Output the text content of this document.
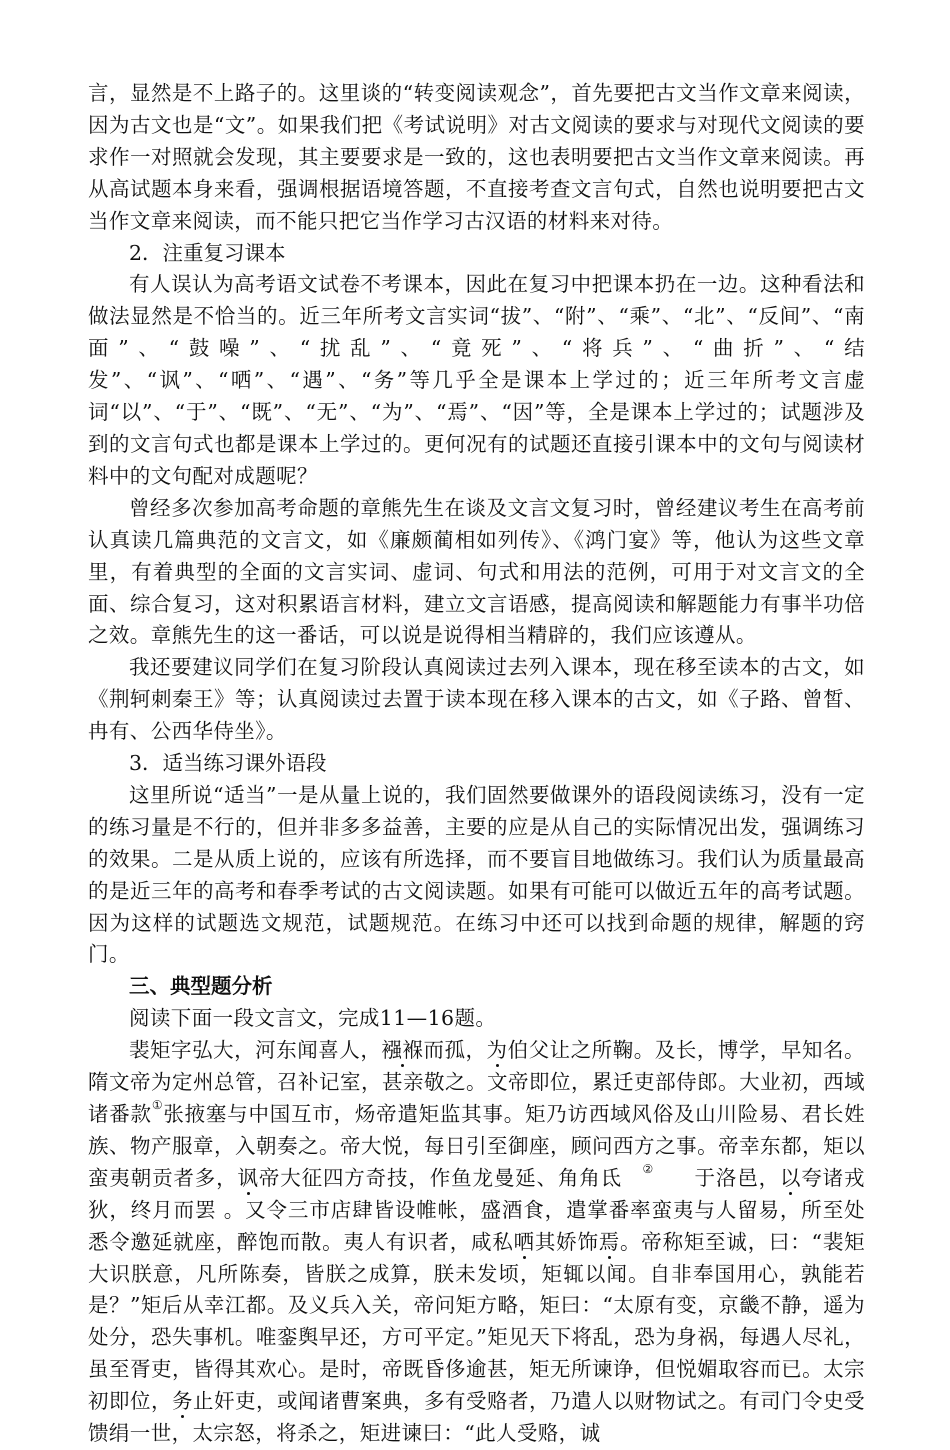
言，显然是不上路子的。这里谈的“转变阅读观念”，首先要把古文当作文章来阅读，因为古文也是“文”。如果我们把《考试说明》对古文阅读的要求与对现代文阅读的要求作一对照就会发现，其主要要求是一致的，这也表明要把古文当作文章来阅读。再从高试题本身来看，强调根据语境答题，不直接考查文言句式，自然也说明要把古文当作文章来阅读，而不能只把它当作学习古汉语的材料来对待。

2．注重复习课本

有人误认为高考语文试卷不考课本，因此在复习中把课本扔在一边。这种看法和做法显然是不恰当的。近三年所考文言实词“拔”、“附”、“乘”、“北”、“反间”、“南面”、“鼓噪”、“扰乱”、“竟死”、“将兵”、“曲折”、“结发”、“讽”、“哂”、“遇”、“务”等几乎全是课本上学过的；近三年所考文言虚词“以”、“于”、“既”、“无”、“为”、“焉”、“因”等，全是课本上学过的；试题涉及到的文言句式也都是课本上学过的。更何况有的试题还直接引课本中的文句与阅读材料中的文句配对成题呢？

曾经多次参加高考命题的章熊先生在谈及文言文复习时，曾经建议考生在高考前认真读几篇典范的文言文，如《廉颇蔺相如列传》、《鸿门宴》等，他认为这些文章里，有着典型的全面的文言实词、虚词、句式和用法的范例，可用于对文言文的全面、综合复习，这对积累语言材料，建立文言语感，提高阅读和解题能力有事半功倍之效。章熊先生的这一番话，可以说是说得相当精辟的，我们应该遵从。

我还要建议同学们在复习阶段认真阅读过去列入课本，现在移至读本的古文，如《荆轲刺秦王》等；认真阅读过去置于读本现在移入课本的古文，如《子路、曾皙、冉有、公西华侍坐》。

3．适当练习课外语段

这里所说“适当”一是从量上说的，我们固然要做课外的语段阅读练习，没有一定的练习量是不行的，但并非多多益善，主要的应是从自己的实际情况出发，强调练习的效果。二是从质上说的，应该有所选择，而不要盲目地做练习。我们认为质量最高的是近三年的高考和春季考试的古文阅读题。如果有可能可以做近五年的高考试题。因为这样的试题选文规范，试题规范。在练习中还可以找到命题的规律，解题的窍门。

三、典型题分析

阅读下面一段文言文，完成11—16题。

裴矩字弘大，河东闻喜人，襁褓而孤，为伯父让之所鞠。及长，博学，早知名。隋文帝为定州总管，召补记室，甚亲敬之。文帝即位，累迁吏部侍郎。大业初，西域诸番款①张掖塞与中国互市，炀帝遣矩监其事。矩乃访西域风俗及山川险易、君长姓族、物产服章，入朝奏之。帝大悦，每日引至御座，顾问西方之事。帝幸东都，矩以蛮夷朝贡者多，讽帝大征四方奇技，作鱼龙曼延、角角氐 ② 于洛邑，以夸诸戎狄，终月而罢 。又令三市店肆皆设帷帐，盛酒食，遣掌番率蛮夷与人留易，所至处悉令邀延就座，醉饱而散。夷人有识者，咸私哂其娇饰焉。帝称矩至诚，曰：“裴矩大识朕意，凡所陈奏，皆朕之成算，朕未发顷，矩辄以闻。自非奉国用心，孰能若是？”矩后从幸江都。及义兵入关，帝问矩方略，矩曰：“太原有变，京畿不静，遥为处分，恐失事机。唯銮舆早还，方可平定。”矩见天下将乱，恐为身祸，每遇人尽礼，虽至胥吏，皆得其欢心。是时，帝既昏侈逾甚，矩无所谏诤，但悦媚取容而已。太宗初即位，务止奸吏，或闻诸曹案典，多有受赂者，乃遣人以财物试之。有司门令史受馈绢一世，太宗怒，将杀之，矩进谏曰：“此人受赂，诚
